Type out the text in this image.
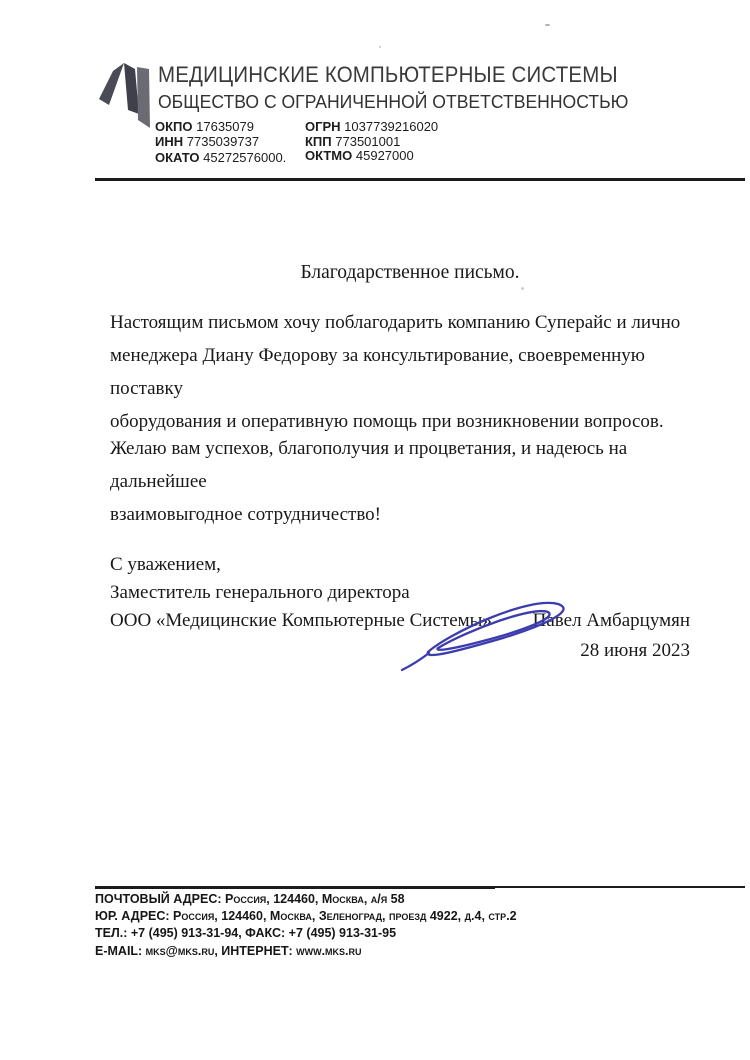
МЕДИЦИНСКИЕ КОМПЬЮТЕРНЫЕ СИСТЕМЫ
ОБЩЕСТВО С ОГРАНИЧЕННОЙ ОТВЕТСТВЕННОСТЬЮ
ОКПО 17635079
ИНН 7735039737
ОКАТО 45272576000.
ОГРН 1037739216020
КПП 773501001
ОКТМО 45927000
Благодарственное письмо.
Настоящим письмом хочу поблагодарить компанию Суперайс и лично
менеджера Диану Федорову за консультирование, своевременную поставку
оборудования и оперативную помощь при возникновении вопросов.
Желаю вам успехов, благополучия и процветания, и надеюсь на дальнейшее
взаимовыгодное сотрудничество!
С уважением,
Заместитель генерального директора
ООО «Медицинские Компьютерные Системы»	Павел Амбарцумян
28 июня 2023
ПОЧТОВЫЙ АДРЕС: Россия, 124460, Москва, а/я 58
ЮР. АДРЕС: Россия, 124460, Москва, Зеленоград, проезд 4922, д.4, стр.2
ТЕЛ.: +7 (495) 913-31-94, ФАКС: +7 (495) 913-31-95
E-MAIL: mks@mks.ru, ИНТЕРНЕТ: www.mks.ru
